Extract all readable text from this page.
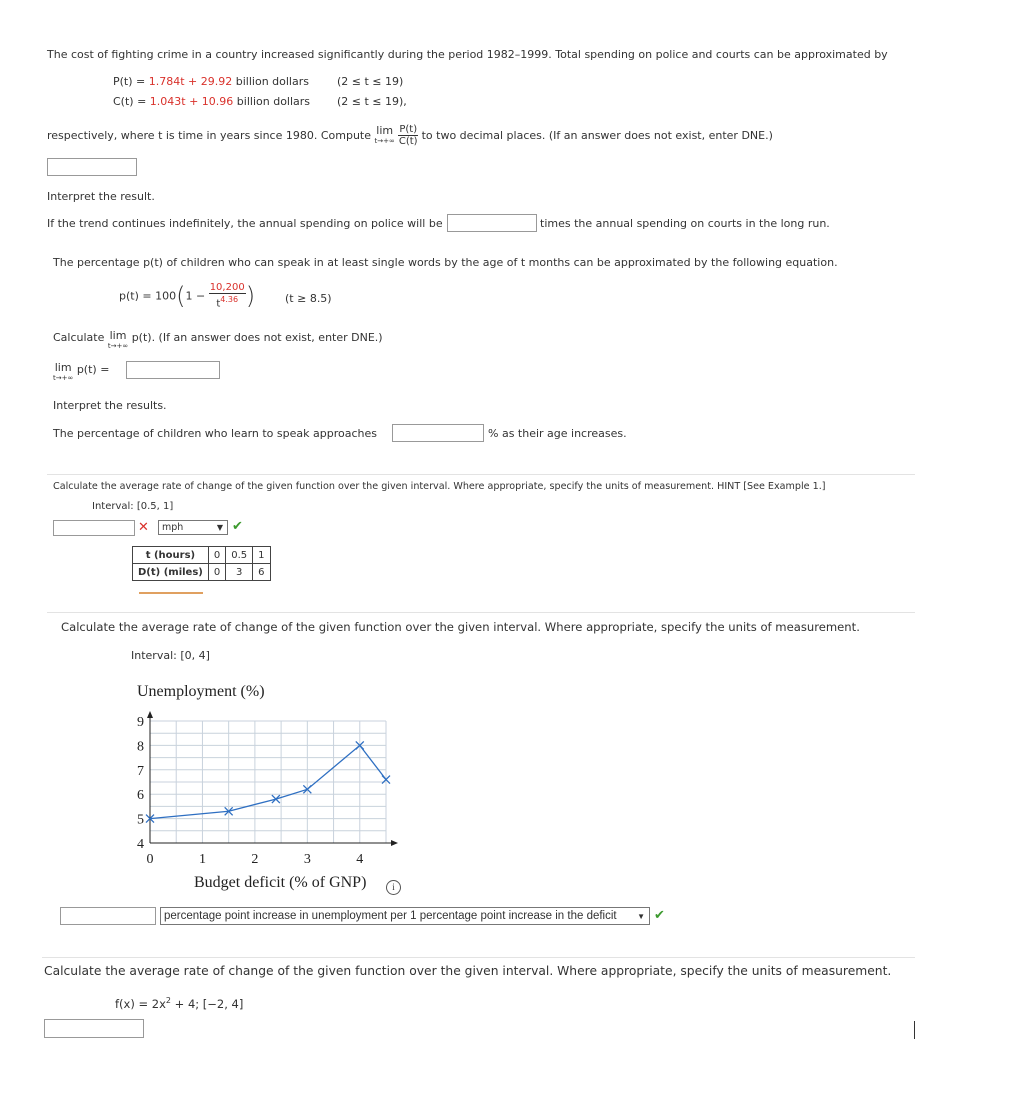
The cost of fighting crime in a country increased significantly during the period 1982–1999. Total spending on police and courts can be approximated by
P(t) = 1.784t + 29.92 billion dollars	(2 ≤ t ≤ 19)
C(t) = 1.043t + 10.96 billion dollars (2 ≤ t ≤ 19),
respectively, where t is time in years since 1980. Compute lim
t→+∞
$\frac{P(t)}{C(t)}$ to two decimal places. (If an answer does not exist, enter DNE.)
Interpret the result.
If the trend continues indefinitely, the annual spending on police will be	times the annual spending on courts in the long run.
The percentage p(t) of children who can speak in at least single words by the age of t months can be approximated by the following equation.
$p(t) = 100(1 - \frac{10,200}{t^{4.36}}$ )	(t ≥ 8.5)
Calculate lim
t→+∞
p(t). (If an answer does not exist, enter DNE.)
lim
t→+∞
p(t) =
Interpret the results.
The percentage of children who learn to speak approaches	% as their age increases.
Calculate the average rate of change of the given function over the given interval. Where appropriate, specify the units of measurement. HINT [See Example 1.]
Interval: [0.5, 1]
✕	mph	▼ ✔
t (hours)	0	0.5	1
D(t) (miles)	0	3	6
Calculate the average rate of change of the given function over the given interval. Where appropriate, specify the units of measurement.
Interval: [0, 4]
Unemployment (%)
4
5
6
7
8
9
0	1	2	3	4
Budget deficit (% of GNP)	i
percentage point increase in unemployment per 1 percentage point increase in the deficit	▼ ✔
Calculate the average rate of change of the given function over the given interval. Where appropriate, specify the units of measurement.
$f(x) = 2x^2 + 4$; [−2, 4]
